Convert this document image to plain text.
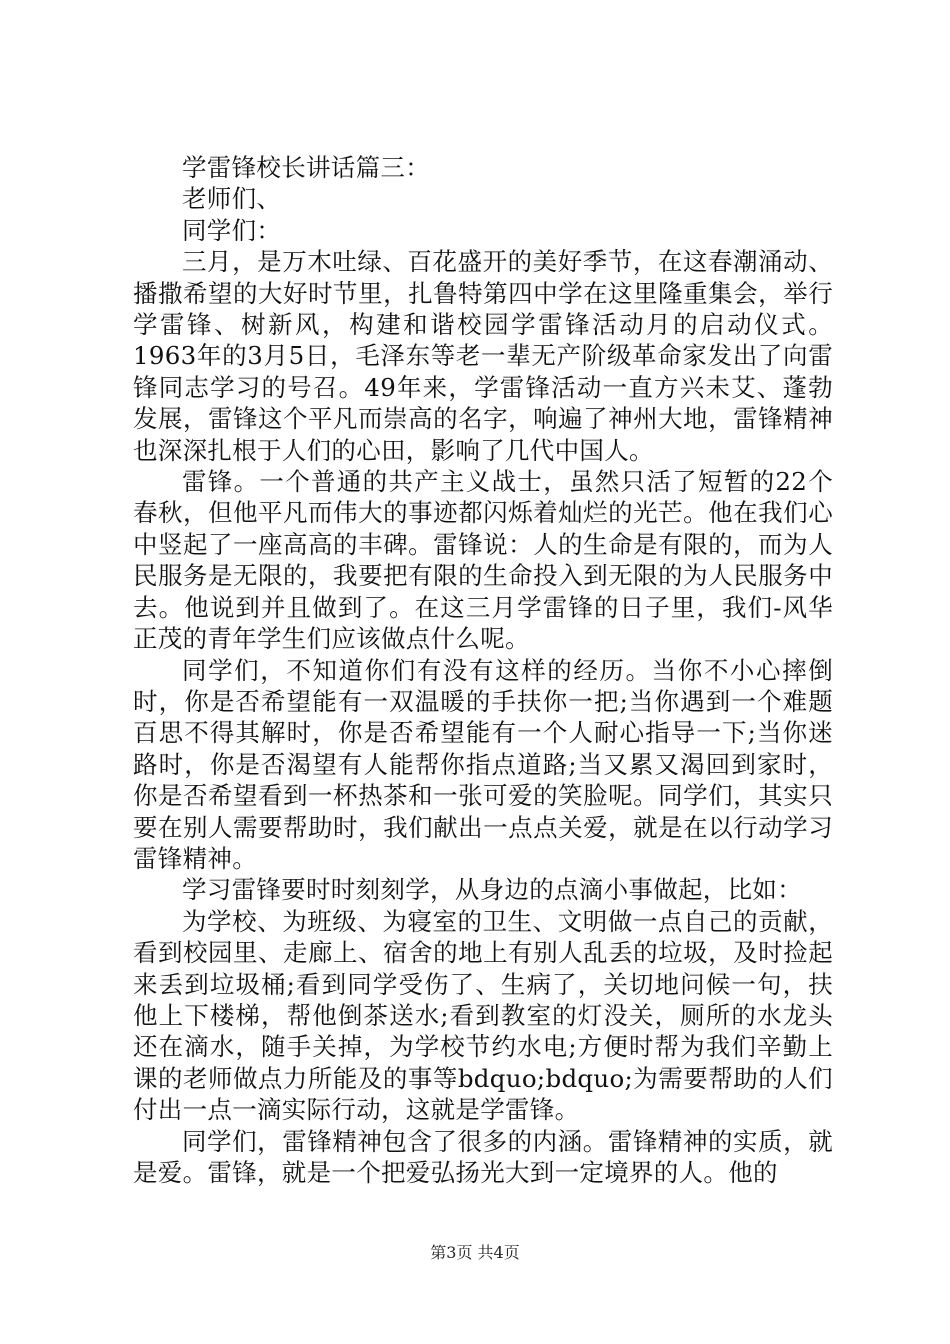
学雷锋校长讲话篇三：

老师们、

同学们：

三月，是万木吐绿、百花盛开的美好季节，在这春潮涌动、播撒希望的大好时节里，扎鲁特第四中学在这里隆重集会，举行学雷锋、树新风，构建和谐校园学雷锋活动月的启动仪式。1963年的3月5日，毛泽东等老一辈无产阶级革命家发出了向雷锋同志学习的号召。49年来，学雷锋活动一直方兴未艾、蓬勃发展，雷锋这个平凡而崇高的名字，响遍了神州大地，雷锋精神也深深扎根于人们的心田，影响了几代中国人。

雷锋。一个普通的共产主义战士，虽然只活了短暂的22个春秋，但他平凡而伟大的事迹都闪烁着灿烂的光芒。他在我们心中竖起了一座高高的丰碑。雷锋说：人的生命是有限的，而为人民服务是无限的，我要把有限的生命投入到无限的为人民服务中去。他说到并且做到了。在这三月学雷锋的日子里，我们-风华正茂的青年学生们应该做点什么呢。

同学们，不知道你们有没有这样的经历。当你不小心摔倒时，你是否希望能有一双温暖的手扶你一把;当你遇到一个难题百思不得其解时，你是否希望能有一个人耐心指导一下;当你迷路时，你是否渴望有人能帮你指点道路;当又累又渴回到家时，你是否希望看到一杯热茶和一张可爱的笑脸呢。同学们，其实只要在别人需要帮助时，我们献出一点点关爱，就是在以行动学习雷锋精神。

学习雷锋要时时刻刻学，从身边的点滴小事做起，比如：

为学校、为班级、为寝室的卫生、文明做一点自己的贡献，看到校园里、走廊上、宿舍的地上有别人乱丢的垃圾，及时捡起来丢到垃圾桶;看到同学受伤了、生病了，关切地问候一句，扶他上下楼梯，帮他倒茶送水;看到教室的灯没关，厕所的水龙头还在滴水，随手关掉，为学校节约水电;方便时帮为我们辛勤上课的老师做点力所能及的事等bdquo;bdquo;为需要帮助的人们付出一点一滴实际行动，这就是学雷锋。

同学们，雷锋精神包含了很多的内涵。雷锋精神的实质，就是爱。雷锋，就是一个把爱弘扬光大到一定境界的人。他的

第3页 共4页
